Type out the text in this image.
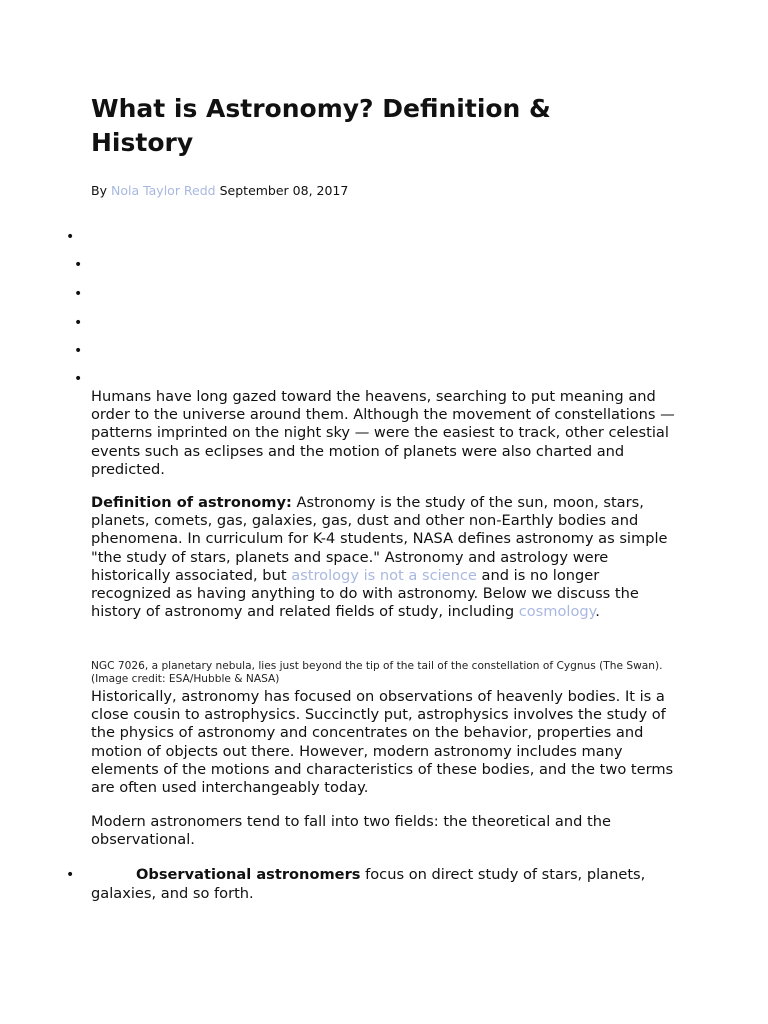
What is Astronomy? Definition & History
By Nola Taylor Redd September 08, 2017
•
•
•
•
•
•

Humans have long gazed toward the heavens, searching to put meaning and order to the universe around them. Although the movement of constellations — patterns imprinted on the night sky — were the easiest to track, other celestial events such as eclipses and the motion of planets were also charted and predicted.

Definition of astronomy: Astronomy is the study of the sun, moon, stars, planets, comets, gas, galaxies, gas, dust and other non-Earthly bodies and phenomena. In curriculum for K-4 students, NASA defines astronomy as simple "the study of stars, planets and space." Astronomy and astrology were historically associated, but astrology is not a science and is no longer recognized as having anything to do with astronomy. Below we discuss the history of astronomy and related fields of study, including cosmology.

NGC 7026, a planetary nebula, lies just beyond the tip of the tail of the constellation of Cygnus (The Swan). (Image credit: ESA/Hubble & NASA)

Historically, astronomy has focused on observations of heavenly bodies. It is a close cousin to astrophysics. Succinctly put, astrophysics involves the study of the physics of astronomy and concentrates on the behavior, properties and motion of objects out there. However, modern astronomy includes many elements of the motions and characteristics of these bodies, and the two terms are often used interchangeably today.

Modern astronomers tend to fall into two fields: the theoretical and the observational.

•	Observational astronomers focus on direct study of stars, planets, galaxies, and so forth.
